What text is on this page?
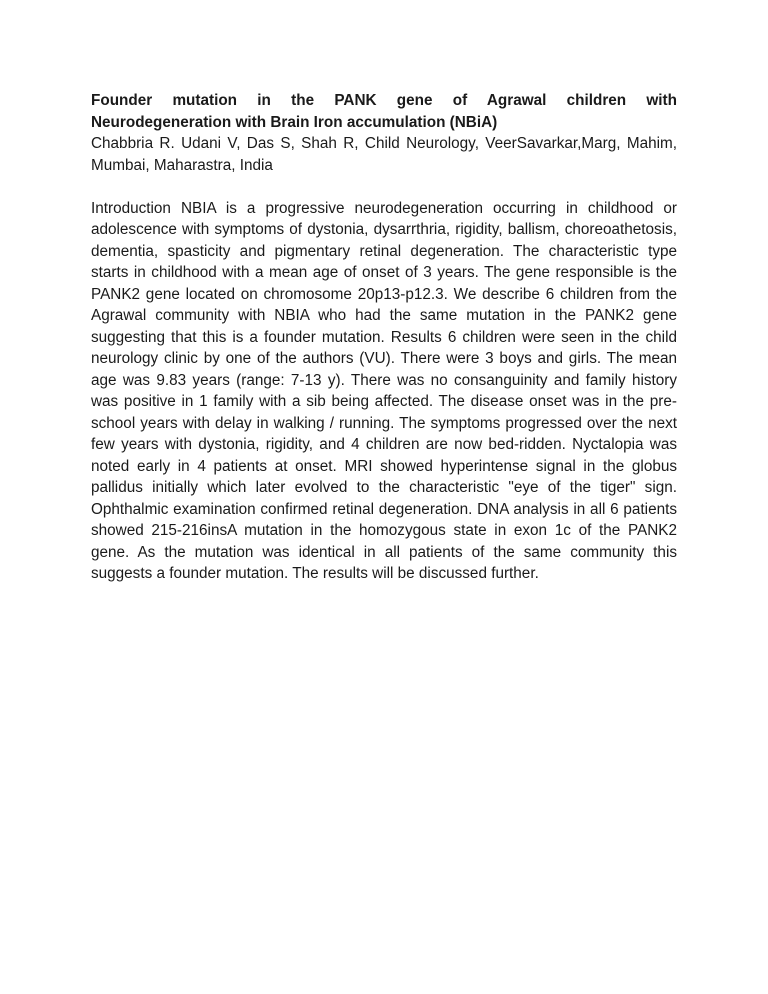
Founder mutation in the PANK gene of Agrawal children with Neurodegeneration with Brain Iron accumulation (NBiA)

Chabbria R. Udani V, Das S, Shah R, Child Neurology, VeerSavarkar,Marg, Mahim, Mumbai, Maharastra, India

Introduction NBIA is a progressive neurodegeneration occurring in childhood or adolescence with symptoms of dystonia, dysarrthria, rigidity, ballism, choreoathetosis, dementia, spasticity and pigmentary retinal degeneration. The characteristic type starts in childhood with a mean age of onset of 3 years. The gene responsible is the PANK2 gene located on chromosome 20p13-p12.3. We describe 6 children from the Agrawal community with NBIA who had the same mutation in the PANK2 gene suggesting that this is a founder mutation. Results 6 children were seen in the child neurology clinic by one of the authors (VU). There were 3 boys and girls. The mean age was 9.83 years (range: 7-13 y). There was no consanguinity and family history was positive in 1 family with a sib being affected. The disease onset was in the pre-school years with delay in walking / running. The symptoms progressed over the next few years with dystonia, rigidity, and 4 children are now bed-ridden. Nyctalopia was noted early in 4 patients at onset. MRI showed hyperintense signal in the globus pallidus initially which later evolved to the characteristic "eye of the tiger" sign. Ophthalmic examination confirmed retinal degeneration. DNA analysis in all 6 patients showed 215-216insA mutation in the homozygous state in exon 1c of the PANK2 gene. As the mutation was identical in all patients of the same community this suggests a founder mutation. The results will be discussed further.
